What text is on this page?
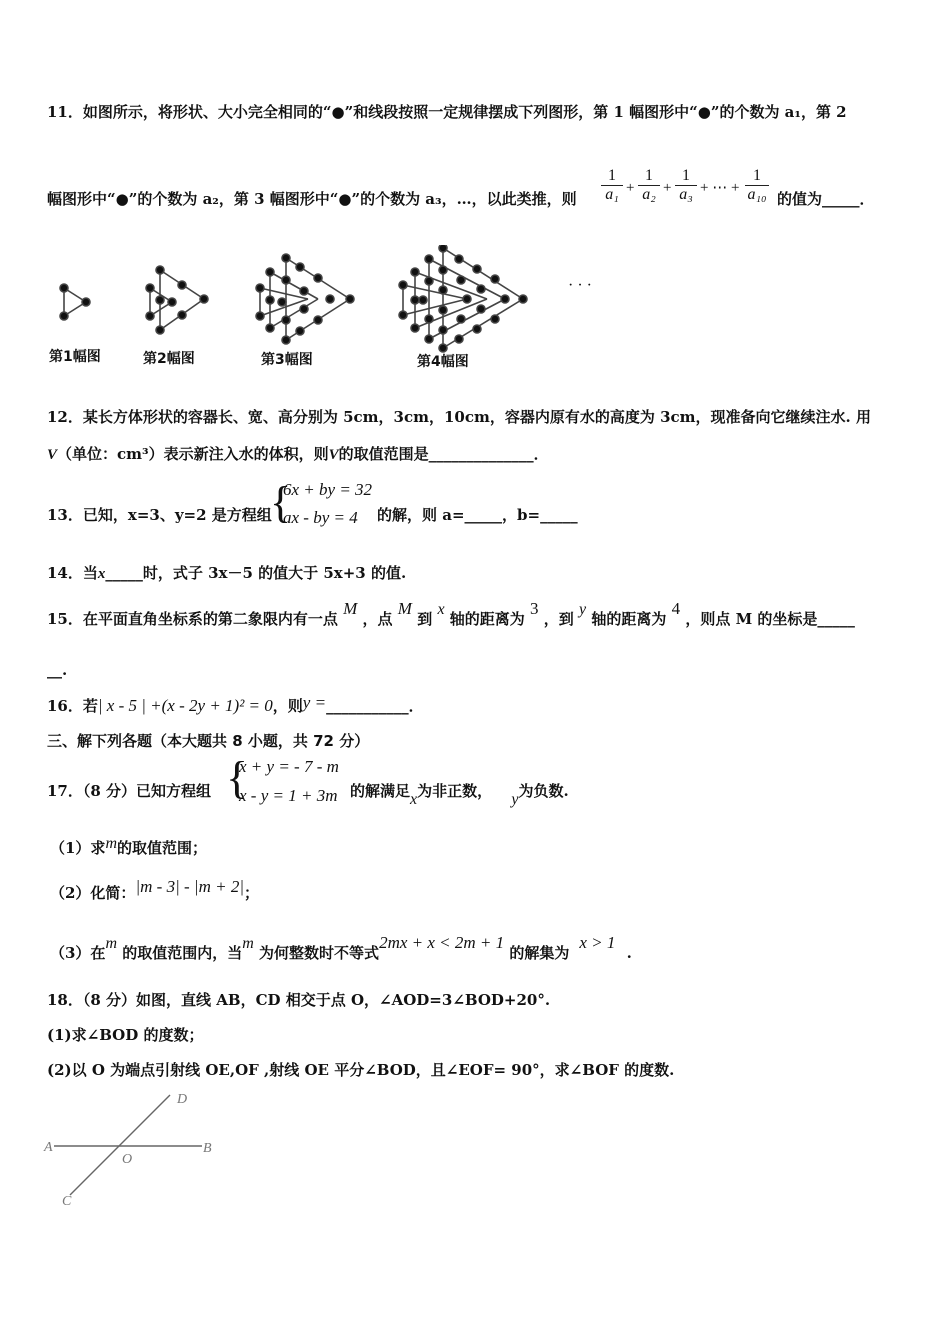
11．如图所示，将形状、大小完全相同的“●”和线段按照一定规律摆成下列图形，第 1 幅图形中“●”的个数为 a₁，第 2
幅图形中“●”的个数为 a₂，第 3 幅图形中“●”的个数为 a₃，…，以此类推，则
1
a₁ +
1
a₂ +
1
a₃ + ⋯ +
1
a₁₀ 的值为_____．
· · ·
第1幅图	第2幅图	第3幅图	第4幅图
12．某长方体形状的容器长、宽、高分别为 5cm，3cm，10cm，容器内原有水的高度为 3cm，现准备向它继续注水. 用
V（单位：cm³）表示新注入水的体积，则V的取值范围是______________．
13．已知，x=3、y=2 是方程组
{
6x + by = 32
ax - by = 4 的解，则 a=_____，b=_____
14．当x_____时，式子 3x－5 的值大于 5x+3 的值.
15．在平面直角坐标系的第二象限内有一点 M ，点 M 到 x 轴的距离为 3 ，到 y 轴的距离为 4 ，则点 M 的坐标是_____
__.
16．若| x - 5 | +(x - 2y + 1)² = 0，则y =___________．
三、解下列各题（本大题共 8 小题，共 72 分）
17．（8 分）已知方程组 {
x + y = - 7 - m
x - y = 1 + 3m 的解满足x为非正数， y为负数.
（1）求m的取值范围；
（2）化简：|m - 3| - |m + 2|；
（3）在m 的取值范围内，当m 为何整数时不等式2mx + x < 2m + 1 的解集为x > 1 .
18．（8 分）如图，直线 AB，CD 相交于点 O，∠AOD=3∠BOD+20°.
(1)求∠BOD 的度数；
(2)以 O 为端点引射线 OE,OF ,射线 OE 平分∠BOD，且∠EOF= 90°，求∠BOF 的度数.
A	B
C
D
O
